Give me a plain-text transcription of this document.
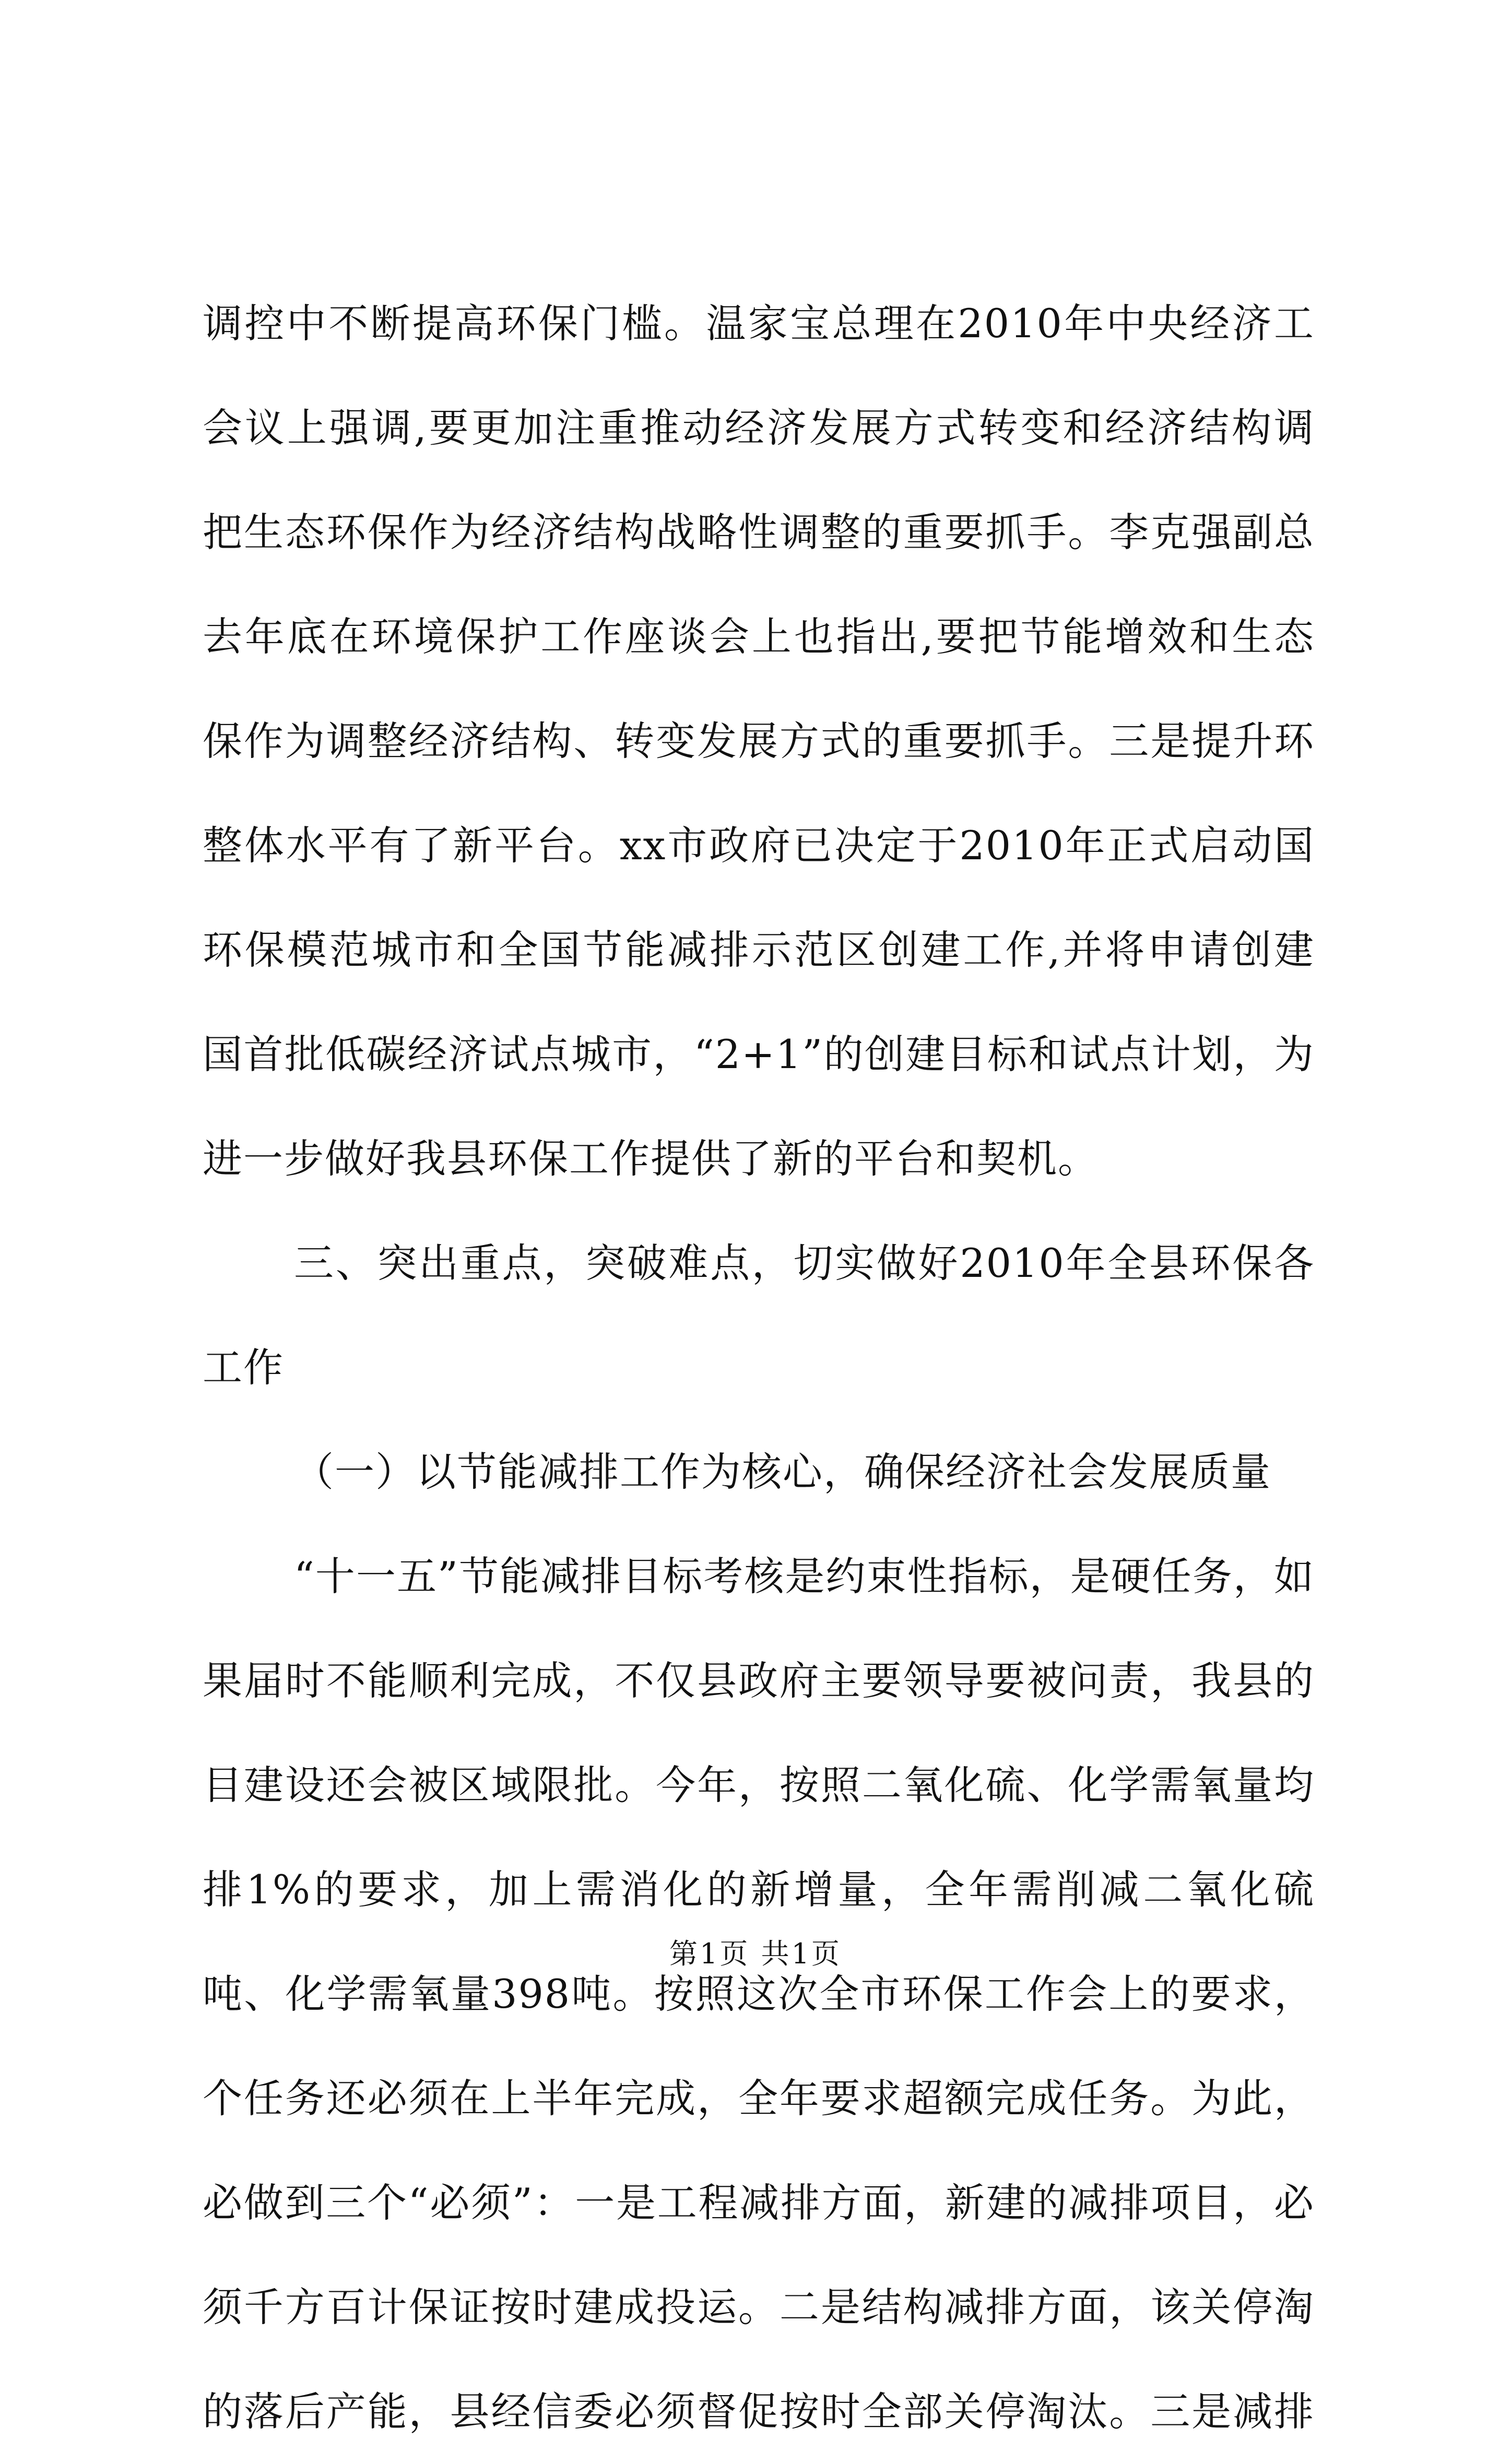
调控中不断提高环保门槛。温家宝总理在2010年中央经济工
会议上强调,要更加注重推动经济发展方式转变和经济结构调
把生态环保作为经济结构战略性调整的重要抓手。李克强副总
去年底在环境保护工作座谈会上也指出,要把节能增效和生态
保作为调整经济结构、转变发展方式的重要抓手。三是提升环
整体水平有了新平台。xx市政府已决定于2010年正式启动国
环保模范城市和全国节能减排示范区创建工作,并将申请创建
国首批低碳经济试点城市，“2+1”的创建目标和试点计划，为
进一步做好我县环保工作提供了新的平台和契机。
三、突出重点，突破难点，切实做好2010年全县环保各
工作
（一）以节能减排工作为核心，确保经济社会发展质量
“十一五”节能减排目标考核是约束性指标，是硬任务，如
果届时不能顺利完成，不仅县政府主要领导要被问责，我县的
目建设还会被区域限批。今年，按照二氧化硫、化学需氧量均
排1%的要求，加上需消化的新增量，全年需削减二氧化硫
吨、化学需氧量398吨。按照这次全市环保工作会上的要求，
个任务还必须在上半年完成，全年要求超额完成任务。为此，
必做到三个“必须”：一是工程减排方面，新建的减排项目，必
须千方百计保证按时建成投运。二是结构减排方面，该关停淘
的落后产能，县经信委必须督促按时全部关停淘汰。三是减排
第1页 共1页
